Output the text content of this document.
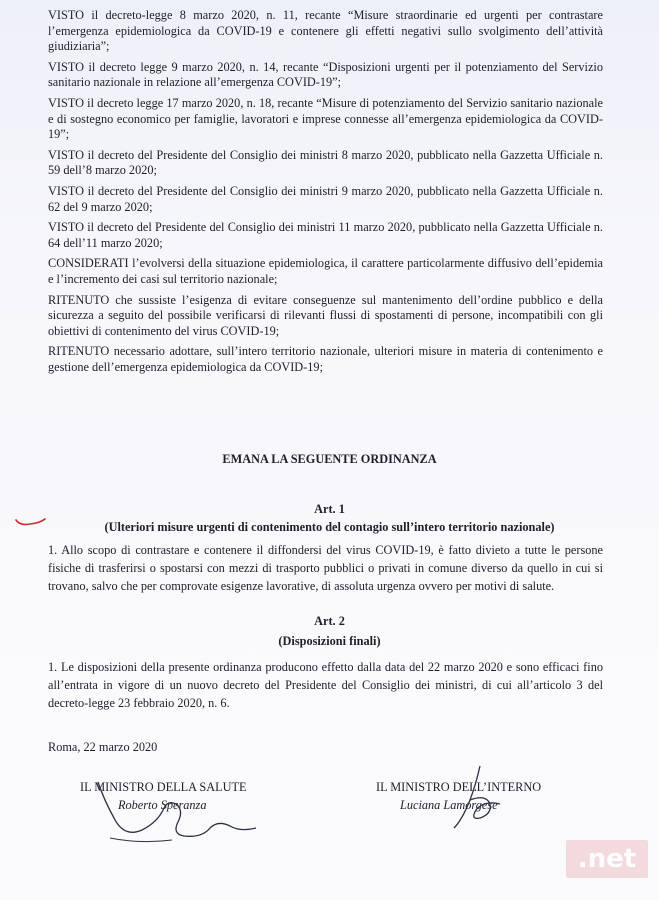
VISTO il decreto-legge 8 marzo 2020, n. 11, recante “Misure straordinarie ed urgenti per contrastare l’emergenza epidemiologica da COVID-19 e contenere gli effetti negativi sullo svolgimento dell’attività giudiziaria”;

VISTO il decreto legge 9 marzo 2020, n. 14, recante “Disposizioni urgenti per il potenziamento del Servizio sanitario nazionale in relazione all’emergenza COVID-19”;

VISTO il decreto legge 17 marzo 2020, n. 18, recante “Misure di potenziamento del Servizio sanitario nazionale e di sostegno economico per famiglie, lavoratori e imprese connesse all’emergenza epidemiologica da COVID-19”;

VISTO il decreto del Presidente del Consiglio dei ministri 8 marzo 2020, pubblicato nella Gazzetta Ufficiale n. 59 dell’8 marzo 2020;

VISTO il decreto del Presidente del Consiglio dei ministri 9 marzo 2020, pubblicato nella Gazzetta Ufficiale n. 62 del 9 marzo 2020;

VISTO il decreto del Presidente del Consiglio dei ministri 11 marzo 2020, pubblicato nella Gazzetta Ufficiale n. 64 dell’11 marzo 2020;

CONSIDERATI l’evolversi della situazione epidemiologica, il carattere particolarmente diffusivo dell’epidemia e l’incremento dei casi sul territorio nazionale;

RITENUTO che sussiste l’esigenza di evitare conseguenze sul mantenimento dell’ordine pubblico e della sicurezza a seguito del possibile verificarsi di rilevanti flussi di spostamenti di persone, incompatibili con gli obiettivi di contenimento del virus COVID-19;

RITENUTO necessario adottare, sull’intero territorio nazionale, ulteriori misure in materia di contenimento e gestione dell’emergenza epidemiologica da COVID-19;

EMANA LA SEGUENTE ORDINANZA
Art. 1
(Ulteriori misure urgenti di contenimento del contagio sull’intero territorio nazionale)
1. Allo scopo di contrastare e contenere il diffondersi del virus COVID-19, è fatto divieto a tutte le persone fisiche di trasferirsi o spostarsi con mezzi di trasporto pubblici o privati in comune diverso da quello in cui si trovano, salvo che per comprovate esigenze lavorative, di assoluta urgenza ovvero per motivi di salute.
Art. 2
(Disposizioni finali)
1. Le disposizioni della presente ordinanza producono effetto dalla data del 22 marzo 2020 e sono efficaci fino all’entrata in vigore di un nuovo decreto del Presidente del Consiglio dei ministri, di cui all’articolo 3 del decreto-legge 23 febbraio 2020, n. 6.
Roma, 22 marzo 2020
IL MINISTRO DELLA SALUTE
Roberto Speranza
IL MINISTRO DELL’INTERNO
Luciana Lamorgese
.net
